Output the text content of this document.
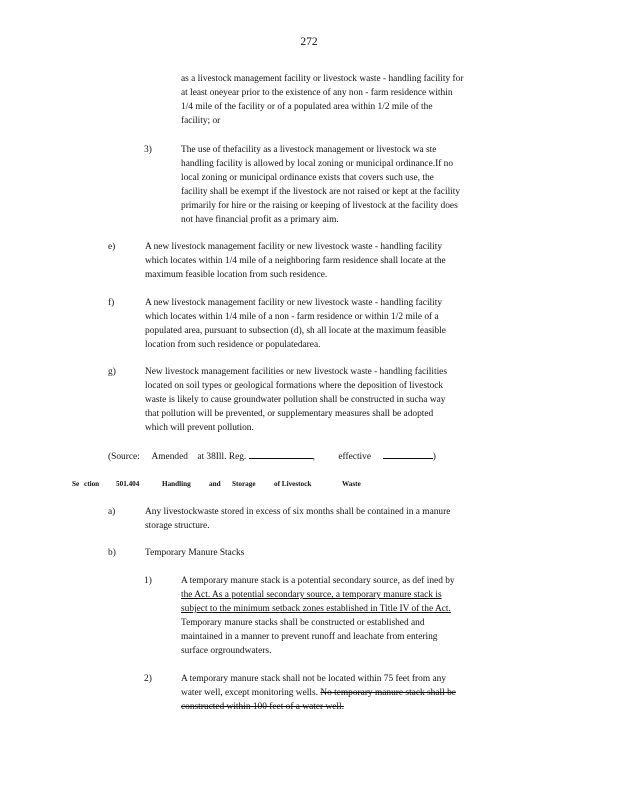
272
as a livestock management facility or livestock waste - handling facility for
at least oneyear prior to the existence of any non - farm residence within
1/4 mile of the facility or of a populated area within 1/2 mile of the
facility; or
3)	The use of thefacility as a livestock management or livestock wa ste
handling facility is allowed by local zoning or municipal ordinance.If no
local zoning or municipal ordinance exists that covers such use, the
facility shall be exempt if the livestock are not raised or kept at the facility
primarily for hire or the raising or keeping of livestock at the facility does
not have financial profit as a primary aim.
e)	A new livestock management facility or new livestock waste - handling facility
which locates within 1/4 mile of a neighboring farm residence shall locate at the
maximum feasible location from such residence.
f)	A new livestock management facility or new livestock waste - handling facility
which locates within 1/4 mile of a non - farm residence or within 1/2 mile of a
populated area, pursuant to subsection (d), sh all locate at the maximum feasible
location from such residence or populatedarea.
g)	New livestock management facilities or new livestock waste - handling facilities
located on soil types or geological formations where the deposition of livestock
waste is likely to cause groundwater pollution shall be constructed in sucha way
that pollution will be prevented, or supplementary measures shall be adopted
which will prevent pollution.
(Source: Amended at 38Ill. Reg.	, effective	)
Se ction 501.404	Handling	and Storage	of Livestock	Waste
a)	Any livestockwaste stored in excess of six months shall be contained in a manure
storage structure.
b)	Temporary Manure Stacks
1)	A temporary manure stack is a potential secondary source, as def ined by
the Act. As a potential secondary source, a temporary manure stack is
subject to the minimum setback zones established in Title IV of the Act.
Temporary manure stacks shall be constructed or established and
maintained in a manner to prevent runoff and leachate from entering
surface orgroundwaters.
2)	A temporary manure stack shall not be located within 75 feet from any
water well, except monitoring wells. No temporary manure stack shall be
constructed within 100 feet of a water well.
